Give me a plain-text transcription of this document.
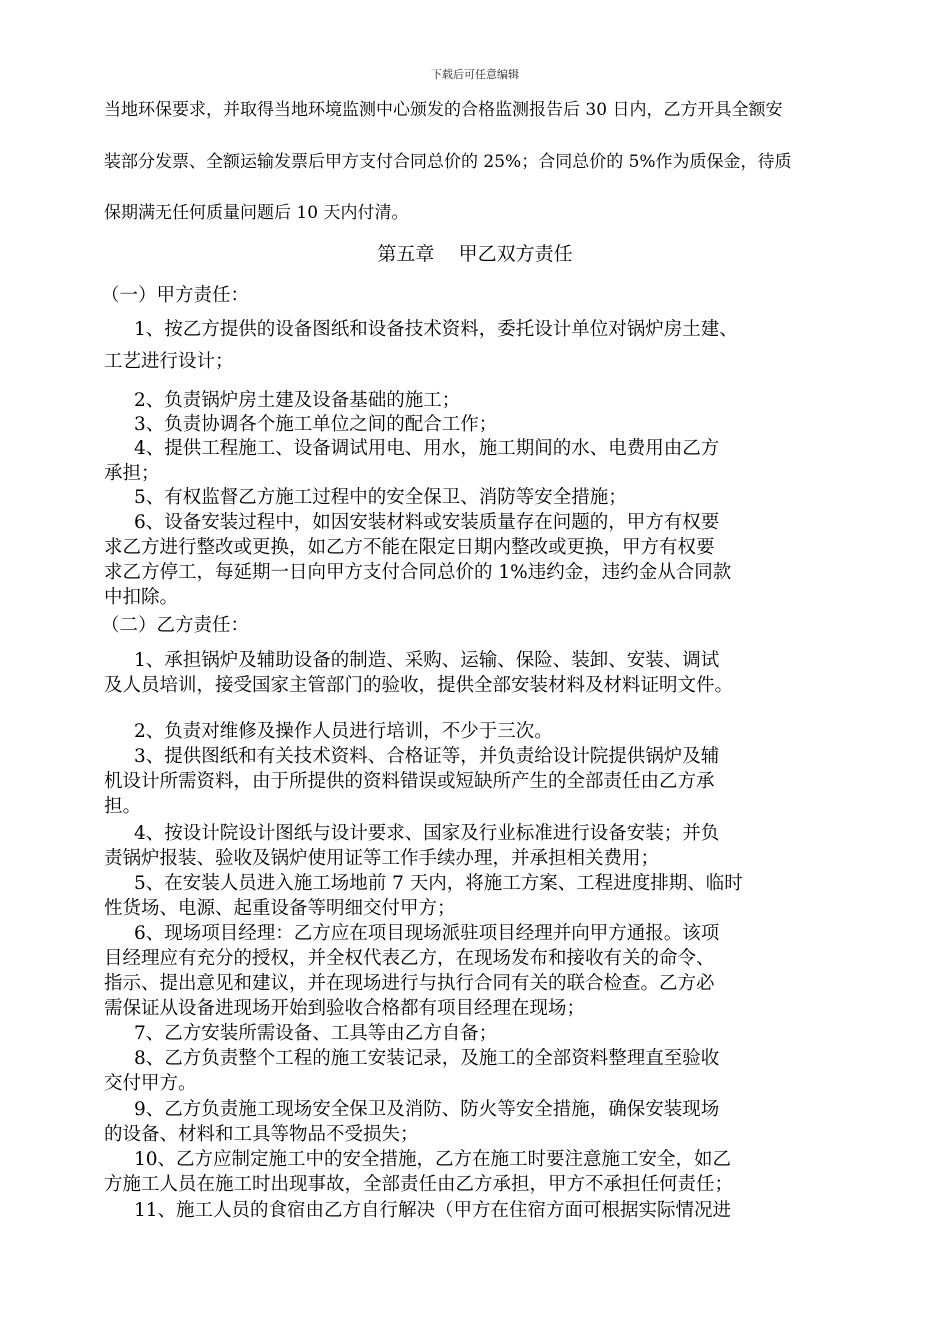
下载后可任意编辑
当地环保要求，并取得当地环境监测中心颁发的合格监测报告后 30 日内，乙方开具全额安
装部分发票、全额运输发票后甲方支付合同总价的 25%；合同总价的 5%作为质保金，待质
保期满无任何质量问题后 10 天内付清。
第五章    甲乙双方责任
（一）甲方责任：
1、按乙方提供的设备图纸和设备技术资料，委托设计单位对锅炉房土建、
工艺进行设计；
2、负责锅炉房土建及设备基础的施工；
3、负责协调各个施工单位之间的配合工作；
4、提供工程施工、设备调试用电、用水，施工期间的水、电费用由乙方
承担；
5、有权监督乙方施工过程中的安全保卫、消防等安全措施；
6、设备安装过程中，如因安装材料或安装质量存在问题的，甲方有权要
求乙方进行整改或更换，如乙方不能在限定日期内整改或更换，甲方有权要
求乙方停工，每延期一日向甲方支付合同总价的 1%违约金，违约金从合同款
中扣除。
（二）乙方责任：
1、承担锅炉及辅助设备的制造、采购、运输、保险、装卸、安装、调试
及人员培训，接受国家主管部门的验收，提供全部安装材料及材料证明文件。
2、负责对维修及操作人员进行培训，不少于三次。
3、提供图纸和有关技术资料、合格证等，并负责给设计院提供锅炉及辅
机设计所需资料，由于所提供的资料错误或短缺所产生的全部责任由乙方承
担。
4、按设计院设计图纸与设计要求、国家及行业标准进行设备安装；并负
责锅炉报装、验收及锅炉使用证等工作手续办理，并承担相关费用；
5、在安装人员进入施工场地前 7 天内，将施工方案、工程进度排期、临时
性货场、电源、起重设备等明细交付甲方；
6、现场项目经理：乙方应在项目现场派驻项目经理并向甲方通报。该项
目经理应有充分的授权，并全权代表乙方，在现场发布和接收有关的命令、
指示、提出意见和建议，并在现场进行与执行合同有关的联合检查。乙方必
需保证从设备进现场开始到验收合格都有项目经理在现场；
7、乙方安装所需设备、工具等由乙方自备；
8、乙方负责整个工程的施工安装记录，及施工的全部资料整理直至验收
交付甲方。
9、乙方负责施工现场安全保卫及消防、防火等安全措施，确保安装现场
的设备、材料和工具等物品不受损失；
10、乙方应制定施工中的安全措施，乙方在施工时要注意施工安全，如乙
方施工人员在施工时出现事故，全部责任由乙方承担，甲方不承担任何责任；
11、施工人员的食宿由乙方自行解决（甲方在住宿方面可根据实际情况进
